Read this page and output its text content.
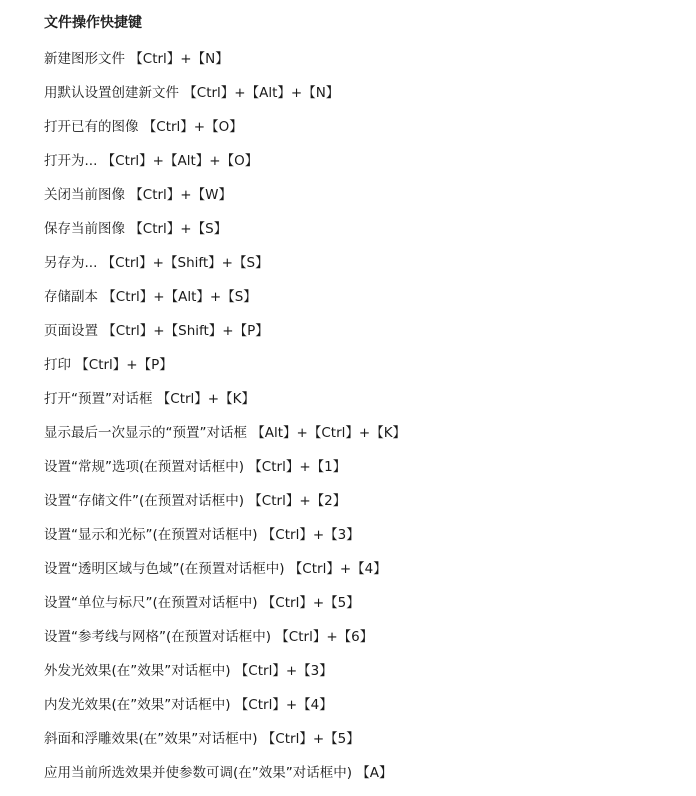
文件操作快捷键
新建图形文件 【Ctrl】+【N】
用默认设置创建新文件 【Ctrl】+【Alt】+【N】
打开已有的图像 【Ctrl】+【O】
打开为... 【Ctrl】+【Alt】+【O】
关闭当前图像 【Ctrl】+【W】
保存当前图像 【Ctrl】+【S】
另存为... 【Ctrl】+【Shift】+【S】
存储副本 【Ctrl】+【Alt】+【S】
页面设置 【Ctrl】+【Shift】+【P】
打印 【Ctrl】+【P】
打开“预置”对话框 【Ctrl】+【K】
显示最后一次显示的“预置”对话框 【Alt】+【Ctrl】+【K】
设置“常规”选项(在预置对话框中) 【Ctrl】+【1】
设置“存储文件”(在预置对话框中) 【Ctrl】+【2】
设置“显示和光标”(在预置对话框中) 【Ctrl】+【3】
设置“透明区域与色域”(在预置对话框中) 【Ctrl】+【4】
设置“单位与标尺”(在预置对话框中) 【Ctrl】+【5】
设置“参考线与网格”(在预置对话框中) 【Ctrl】+【6】
外发光效果(在”效果”对话框中) 【Ctrl】+【3】
内发光效果(在”效果”对话框中) 【Ctrl】+【4】
斜面和浮雕效果(在”效果”对话框中) 【Ctrl】+【5】
应用当前所选效果并使参数可调(在”效果”对话框中) 【A】
